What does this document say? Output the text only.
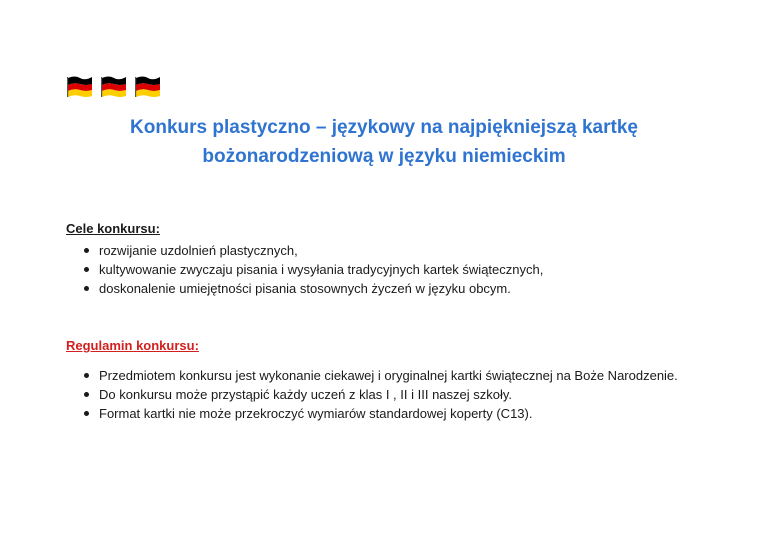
Konkurs plastyczno – językowy na najpiękniejszą kartkę
bożonarodzeniową w języku niemieckim
Cele konkursu:
rozwijanie uzdolnień plastycznych,
kultywowanie zwyczaju pisania i wysyłania tradycyjnych kartek świątecznych,
doskonalenie umiejętności pisania stosownych życzeń w języku obcym.
Regulamin konkursu:
Przedmiotem konkursu jest wykonanie ciekawej i oryginalnej kartki świątecznej na Boże Narodzenie.
Do konkursu może przystąpić każdy uczeń z klas I , II i III naszej szkoły.
Format kartki nie może przekroczyć wymiarów standardowej koperty (C13).
